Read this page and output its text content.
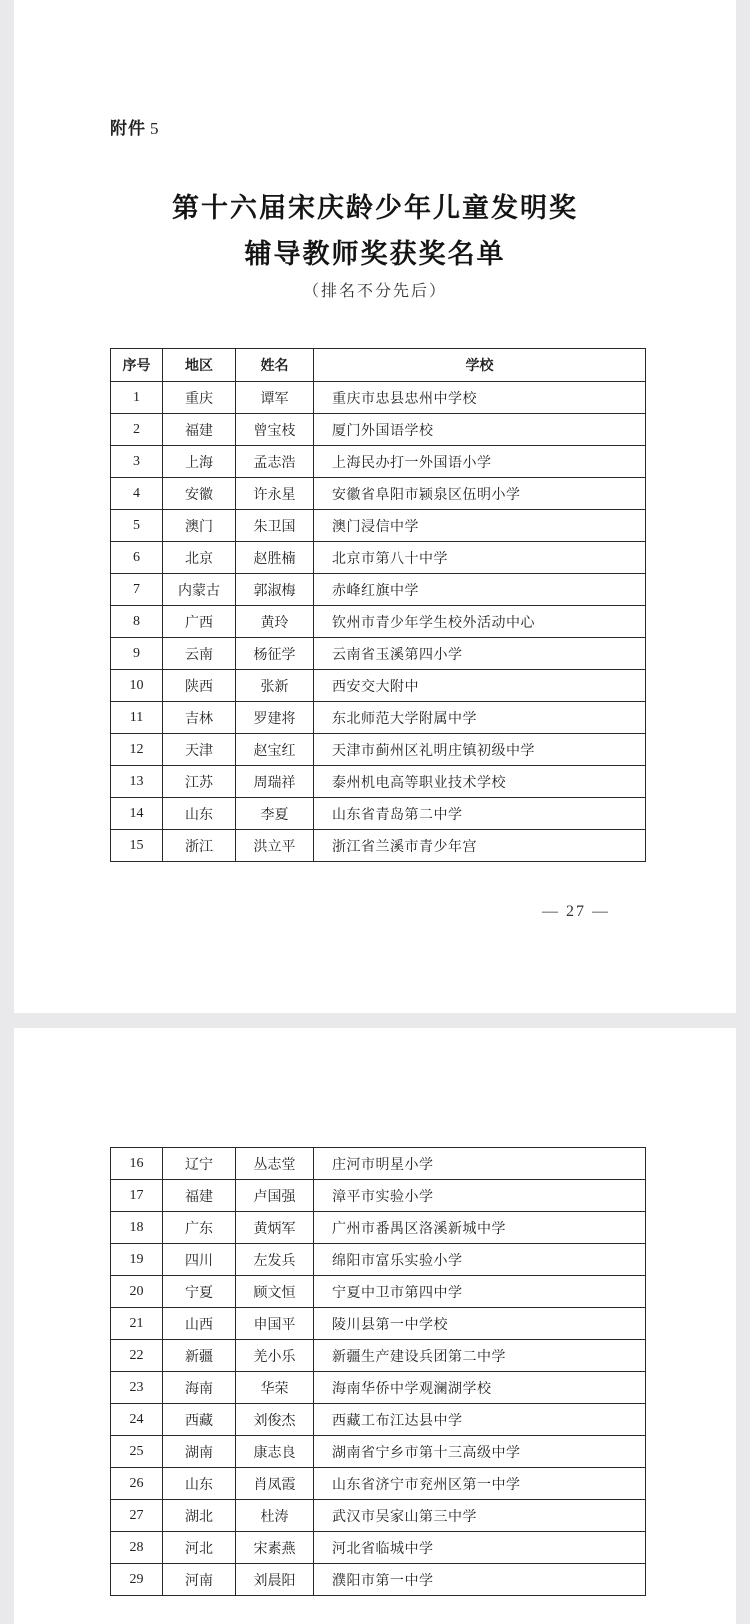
附件 5
第十六届宋庆龄少年儿童发明奖
辅导教师奖获奖名单
（排名不分先后）
序号	地区	姓名	学校
1	重庆	谭军	重庆市忠县忠州中学校
2	福建	曾宝枝	厦门外国语学校
3	上海	孟志浩	上海民办打一外国语小学
4	安徽	许永星	安徽省阜阳市颍泉区伍明小学
5	澳门	朱卫国	澳门浸信中学
6	北京	赵胜楠	北京市第八十中学
7	内蒙古	郭淑梅	赤峰红旗中学
8	广西	黄玲	钦州市青少年学生校外活动中心
9	云南	杨征学	云南省玉溪第四小学
10	陕西	张新	西安交大附中
11	吉林	罗建将	东北师范大学附属中学
12	天津	赵宝红	天津市蓟州区礼明庄镇初级中学
13	江苏	周瑞祥	泰州机电高等职业技术学校
14	山东	李夏	山东省青岛第二中学
15	浙江	洪立平	浙江省兰溪市青少年宫
— 27 —
16	辽宁	丛志堂	庄河市明星小学
17	福建	卢国强	漳平市实验小学
18	广东	黄炳军	广州市番禺区洛溪新城中学
19	四川	左发兵	绵阳市富乐实验小学
20	宁夏	顾文恒	宁夏中卫市第四中学
21	山西	申国平	陵川县第一中学校
22	新疆	羌小乐	新疆生产建设兵团第二中学
23	海南	华荣	海南华侨中学观澜湖学校
24	西藏	刘俊杰	西藏工布江达县中学
25	湖南	康志良	湖南省宁乡市第十三高级中学
26	山东	肖凤霞	山东省济宁市兖州区第一中学
27	湖北	杜涛	武汉市吴家山第三中学
28	河北	宋素燕	河北省临城中学
29	河南	刘晨阳	濮阳市第一中学
